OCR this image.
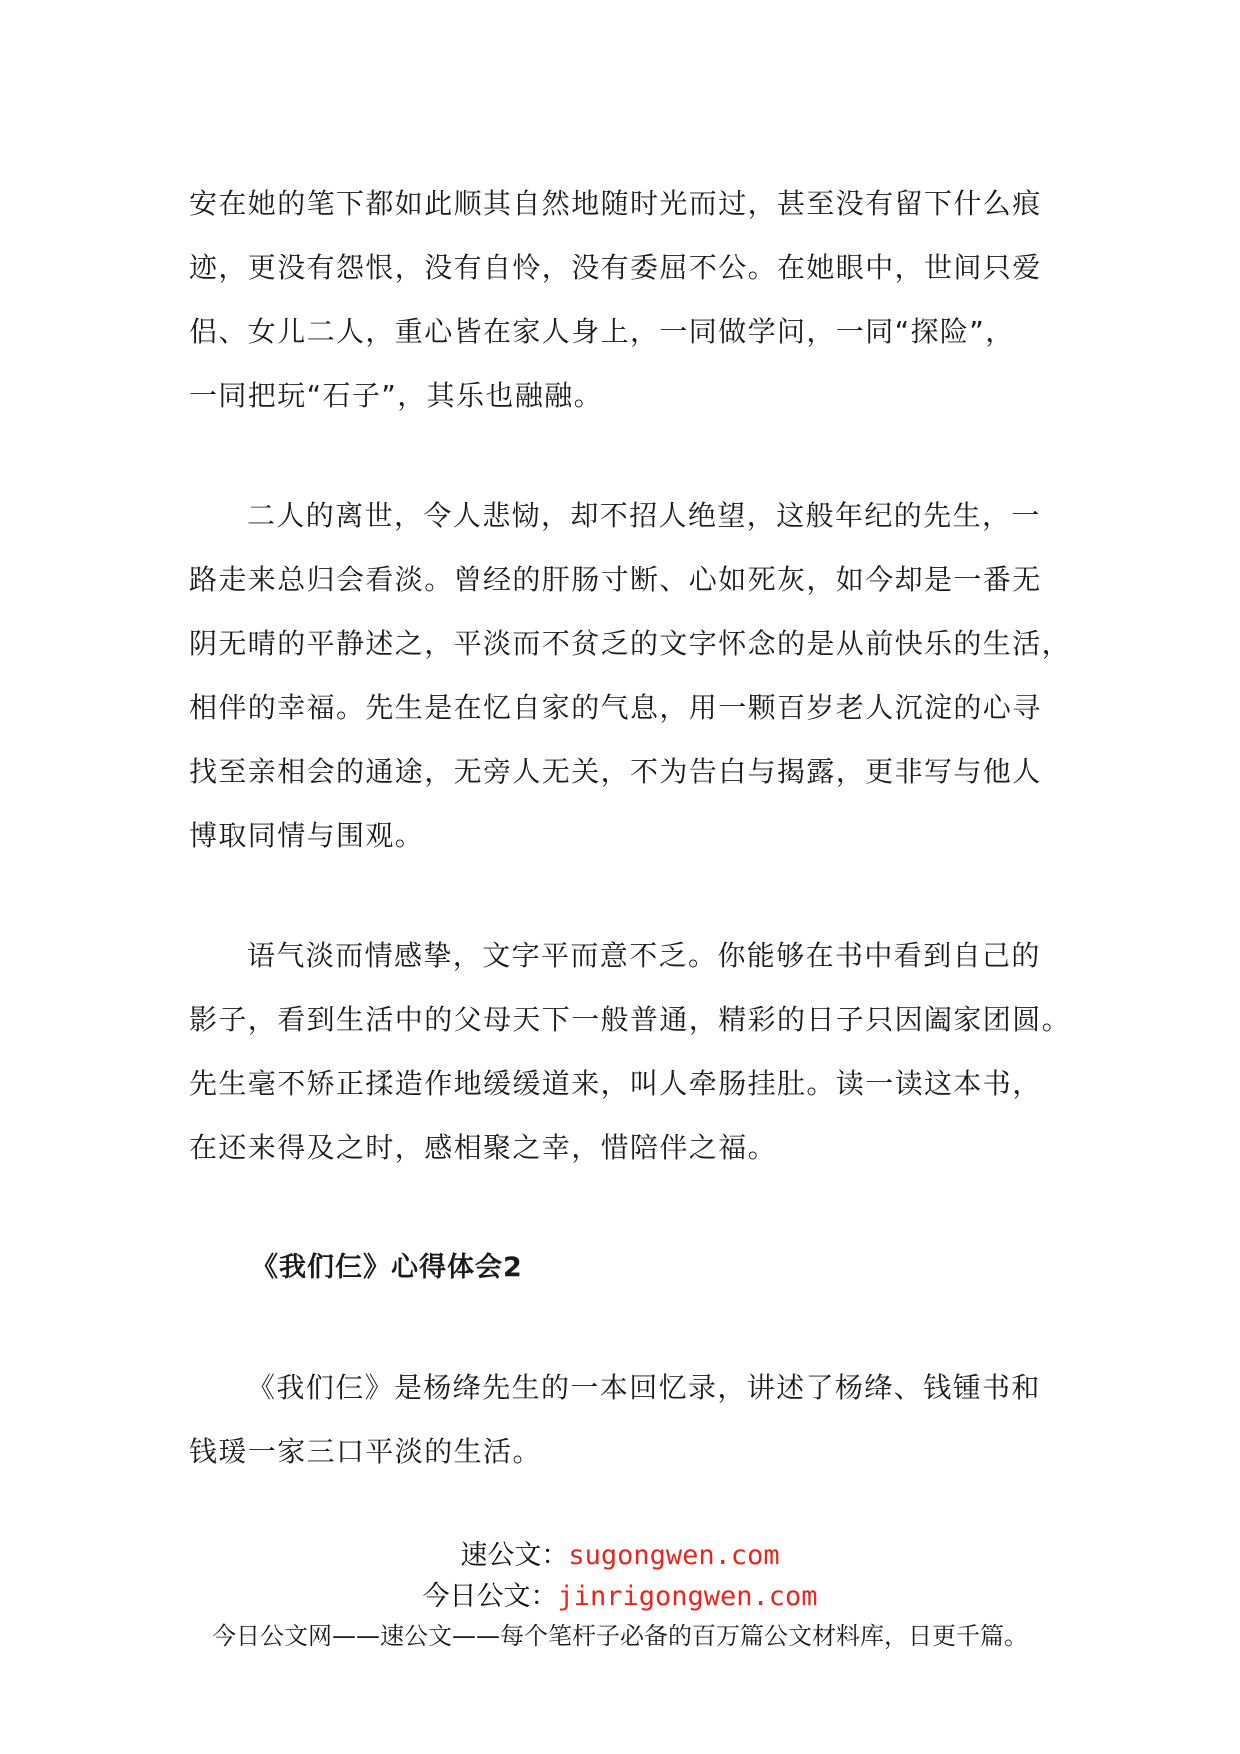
安在她的笔下都如此顺其自然地随时光而过，甚至没有留下什么痕
迹，更没有怨恨，没有自怜，没有委屈不公。在她眼中，世间只爱
侣、女儿二人，重心皆在家人身上，一同做学问，一同“探险”，
一同把玩“石子”，其乐也融融。
二人的离世，令人悲恸，却不招人绝望，这般年纪的先生，一
路走来总归会看淡。曾经的肝肠寸断、心如死灰，如今却是一番无
阴无晴的平静述之，平淡而不贫乏的文字怀念的是从前快乐的生活，
相伴的幸福。先生是在忆自家的气息，用一颗百岁老人沉淀的心寻
找至亲相会的通途，无旁人无关，不为告白与揭露，更非写与他人
博取同情与围观。
语气淡而情感挚，文字平而意不乏。你能够在书中看到自己的
影子，看到生活中的父母天下一般普通，精彩的日子只因阖家团圆。
先生毫不矫正揉造作地缓缓道来，叫人牵肠挂肚。读一读这本书，
在还来得及之时，感相聚之幸，惜陪伴之福。
《我们仨》心得体会2
《我们仨》是杨绛先生的一本回忆录，讲述了杨绛、钱锺书和
钱瑗一家三口平淡的生活。
速公文：sugongwen.com
今日公文：jinrigongwen.com
今日公文网——速公文——每个笔杆子必备的百万篇公文材料库，日更千篇。
